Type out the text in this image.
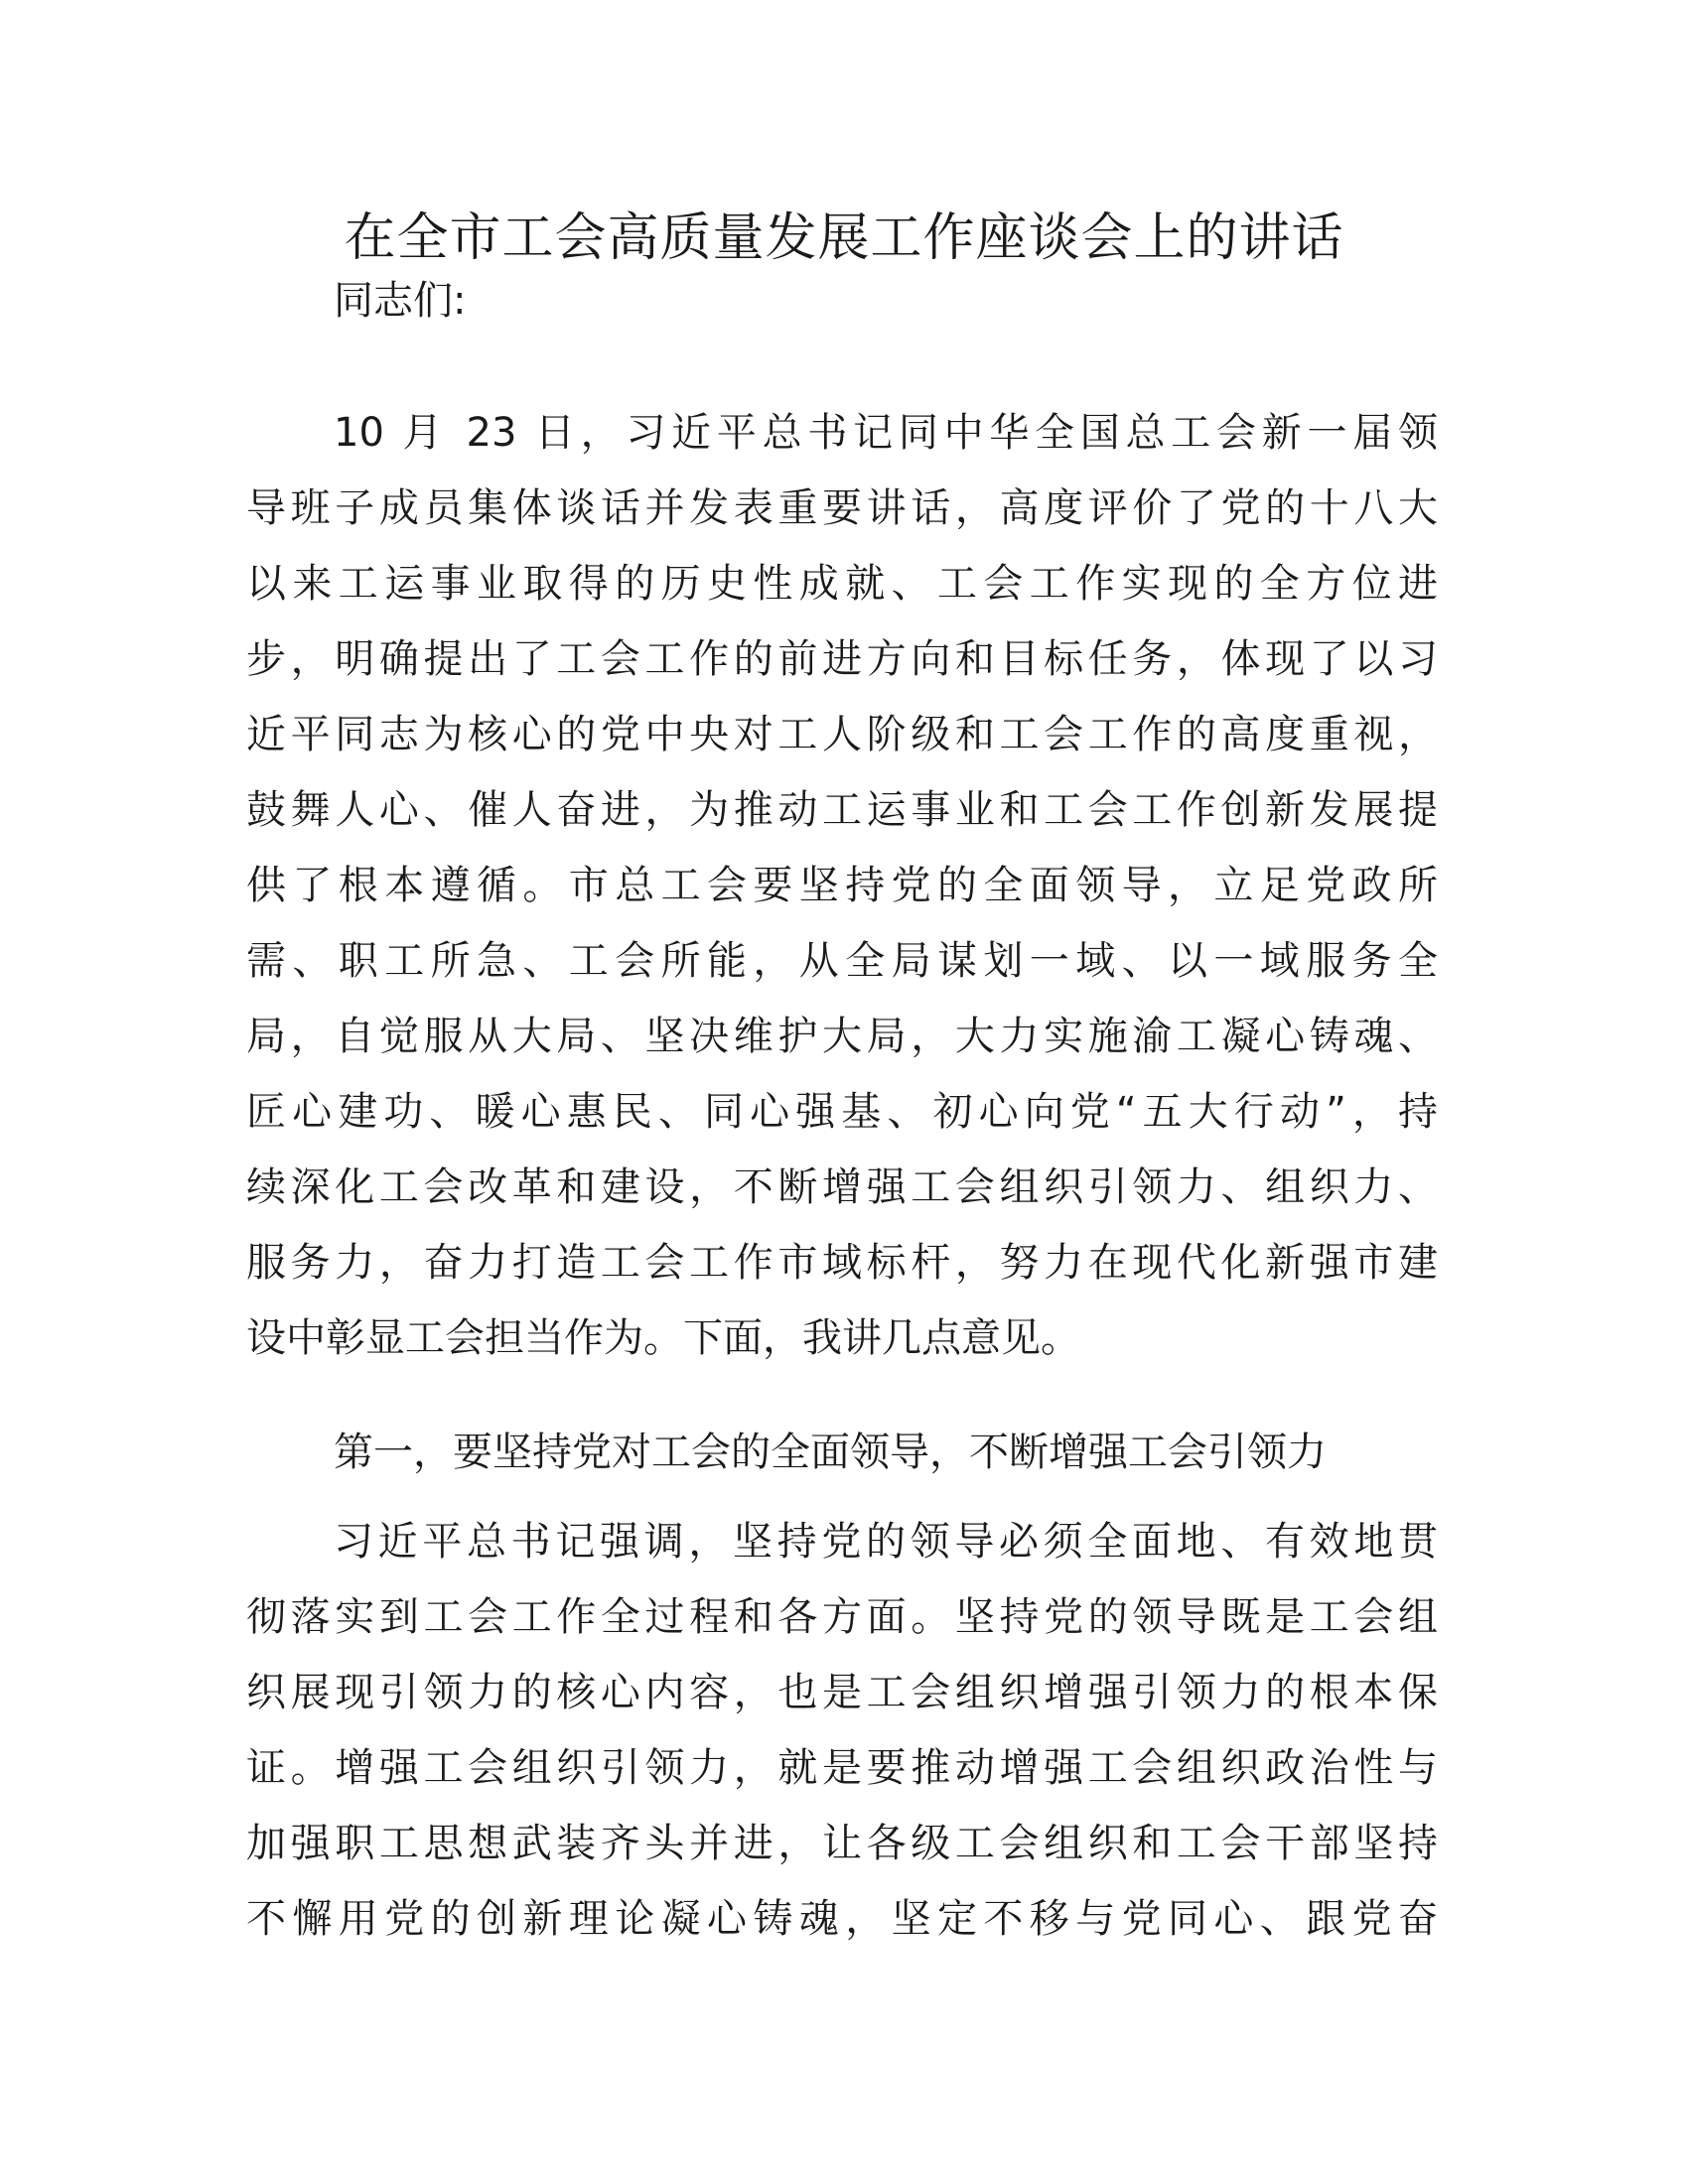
在全市工会高质量发展工作座谈会上的讲话
同志们:
10 月 23 日，习近平总书记同中华全国总工会新一届领
导班子成员集体谈话并发表重要讲话，高度评价了党的十八大
以来工运事业取得的历史性成就、工会工作实现的全方位进
步，明确提出了工会工作的前进方向和目标任务，体现了以习
近平同志为核心的党中央对工人阶级和工会工作的高度重视，
鼓舞人心、催人奋进，为推动工运事业和工会工作创新发展提
供了根本遵循。市总工会要坚持党的全面领导，立足党政所
需、职工所急、工会所能，从全局谋划一域、以一域服务全
局，自觉服从大局、坚决维护大局，大力实施渝工凝心铸魂、
匠心建功、暖心惠民、同心强基、初心向党“五大行动”，持
续深化工会改革和建设，不断增强工会组织引领力、组织力、
服务力，奋力打造工会工作市域标杆，努力在现代化新强市建
设中彰显工会担当作为。下面，我讲几点意见。
第一，要坚持党对工会的全面领导，不断增强工会引领力
习近平总书记强调，坚持党的领导必须全面地、有效地贯
彻落实到工会工作全过程和各方面。坚持党的领导既是工会组
织展现引领力的核心内容，也是工会组织增强引领力的根本保
证。增强工会组织引领力，就是要推动增强工会组织政治性与
加强职工思想武装齐头并进，让各级工会组织和工会干部坚持
不懈用党的创新理论凝心铸魂，坚定不移与党同心、跟党奋
